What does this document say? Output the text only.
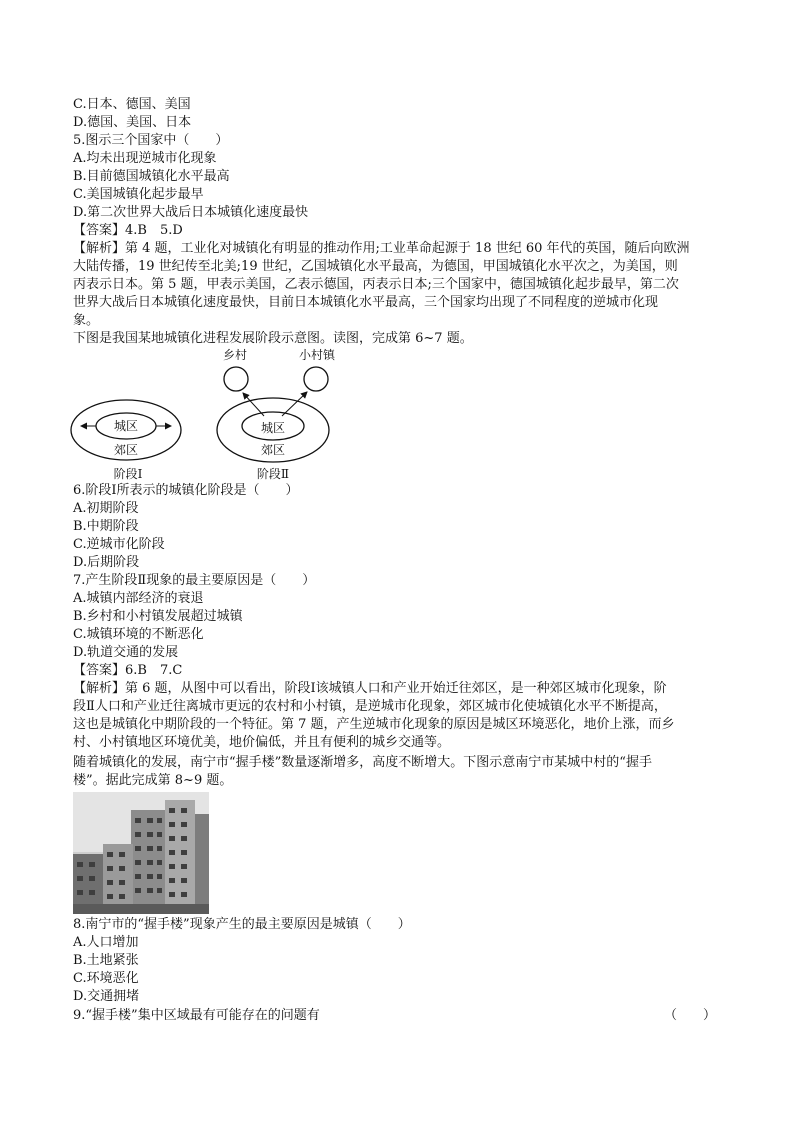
C.日本、德国、美国
D.德国、美国、日本
5.图示三个国家中（　　）
A.均未出现逆城市化现象
B.目前德国城镇化水平最高
C.美国城镇化起步最早
D.第二次世界大战后日本城镇化速度最快
【答案】4.B　5.D
【解析】第 4 题，工业化对城镇化有明显的推动作用;工业革命起源于 18 世纪 60 年代的英国，随后向欧洲
大陆传播，19 世纪传至北美;19 世纪，乙国城镇化水平最高，为德国，甲国城镇化水平次之，为美国，则
丙表示日本。第 5 题，甲表示美国，乙表示德国，丙表示日本;三个国家中，德国城镇化起步最早，第二次
世界大战后日本城镇化速度最快，目前日本城镇化水平最高，三个国家均出现了不同程度的逆城市化现
象。
下图是我国某地城镇化进程发展阶段示意图。读图，完成第 6~7 题。
城区
郊区
阶段Ⅰ
乡村	小村镇
城区
郊区
阶段Ⅱ
6.阶段Ⅰ所表示的城镇化阶段是（　　）
A.初期阶段
B.中期阶段
C.逆城市化阶段
D.后期阶段
7.产生阶段Ⅱ现象的最主要原因是（　　）
A.城镇内部经济的衰退
B.乡村和小村镇发展超过城镇
C.城镇环境的不断恶化
D.轨道交通的发展
【答案】6.B　7.C
【解析】第 6 题，从图中可以看出，阶段Ⅰ该城镇人口和产业开始迁往郊区，是一种郊区城市化现象，阶
段Ⅱ人口和产业迁往离城市更远的农村和小村镇，是逆城市化现象，郊区城市化使城镇化水平不断提高，
这也是城镇化中期阶段的一个特征。第 7 题，产生逆城市化现象的原因是城区环境恶化，地价上涨，而乡
村、小村镇地区环境优美，地价偏低，并且有便利的城乡交通等。
随着城镇化的发展，南宁市“握手楼”数量逐渐增多，高度不断增大。下图示意南宁市某城中村的“握手
楼”。据此完成第 8~9 题。
8.南宁市的“握手楼”现象产生的最主要原因是城镇（　　）
A.人口增加
B.土地紧张
C.环境恶化
D.交通拥堵
9.“握手楼”集中区域最有可能存在的问题有	（　　）
